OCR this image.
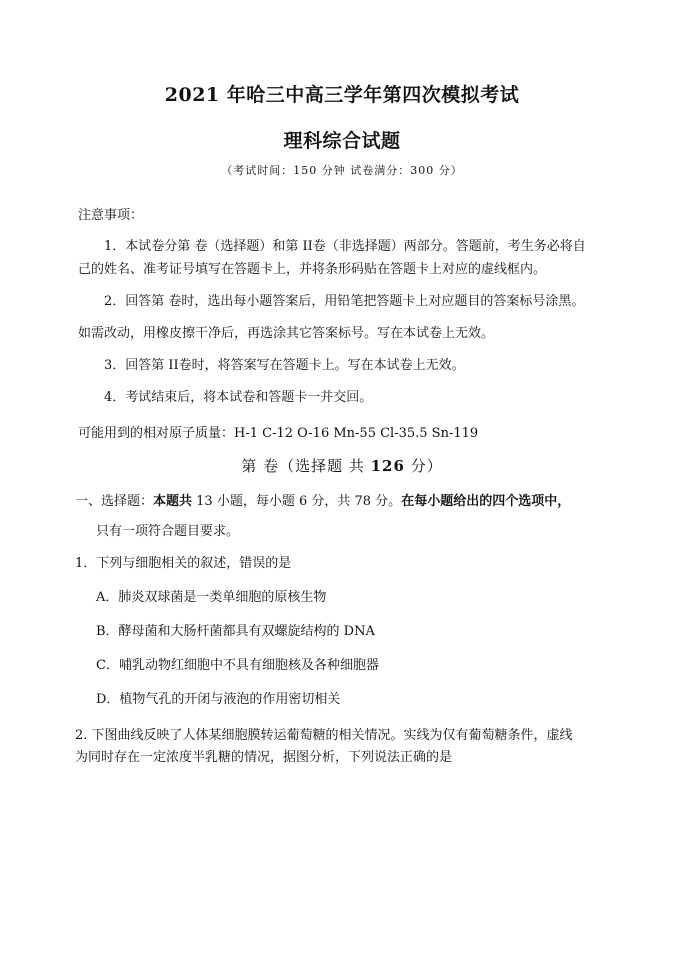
2021 年哈三中高三学年第四次模拟考试
理科综合试题
（考试时间：150 分钟 试卷满分：300 分）
注意事项：
1．本试卷分第 卷（选择题）和第 II卷（非选择题）两部分。答题前，考生务必将自
己的姓名、准考证号填写在答题卡上，并将条形码贴在答题卡上对应的虚线框内。
2．回答第 卷时，选出每小题答案后，用铅笔把答题卡上对应题目的答案标号涂黑。
如需改动，用橡皮擦干净后，再选涂其它答案标号。写在本试卷上无效。
3．回答第 II卷时，将答案写在答题卡上。写在本试卷上无效。
4．考试结束后，将本试卷和答题卡一并交回。
可能用到的相对原子质量：H-1 C-12 O-16 Mn-55 Cl-35.5 Sn-119
第 卷（选择题 共 126 分）
一、选择题：本题共 13 小题，每小题 6 分，共 78 分。在每小题给出的四个选项中，
只有一项符合题目要求。
1．下列与细胞相关的叙述，错误的是
A．肺炎双球菌是一类单细胞的原核生物
B．酵母菌和大肠杆菌都具有双螺旋结构的 DNA
C．哺乳动物红细胞中不具有细胞核及各种细胞器
D．植物气孔的开闭与液泡的作用密切相关
2. 下图曲线反映了人体某细胞膜转运葡萄糖的相关情况。实线为仅有葡萄糖条件，虚线
为同时存在一定浓度半乳糖的情况，据图分析，下列说法正确的是
